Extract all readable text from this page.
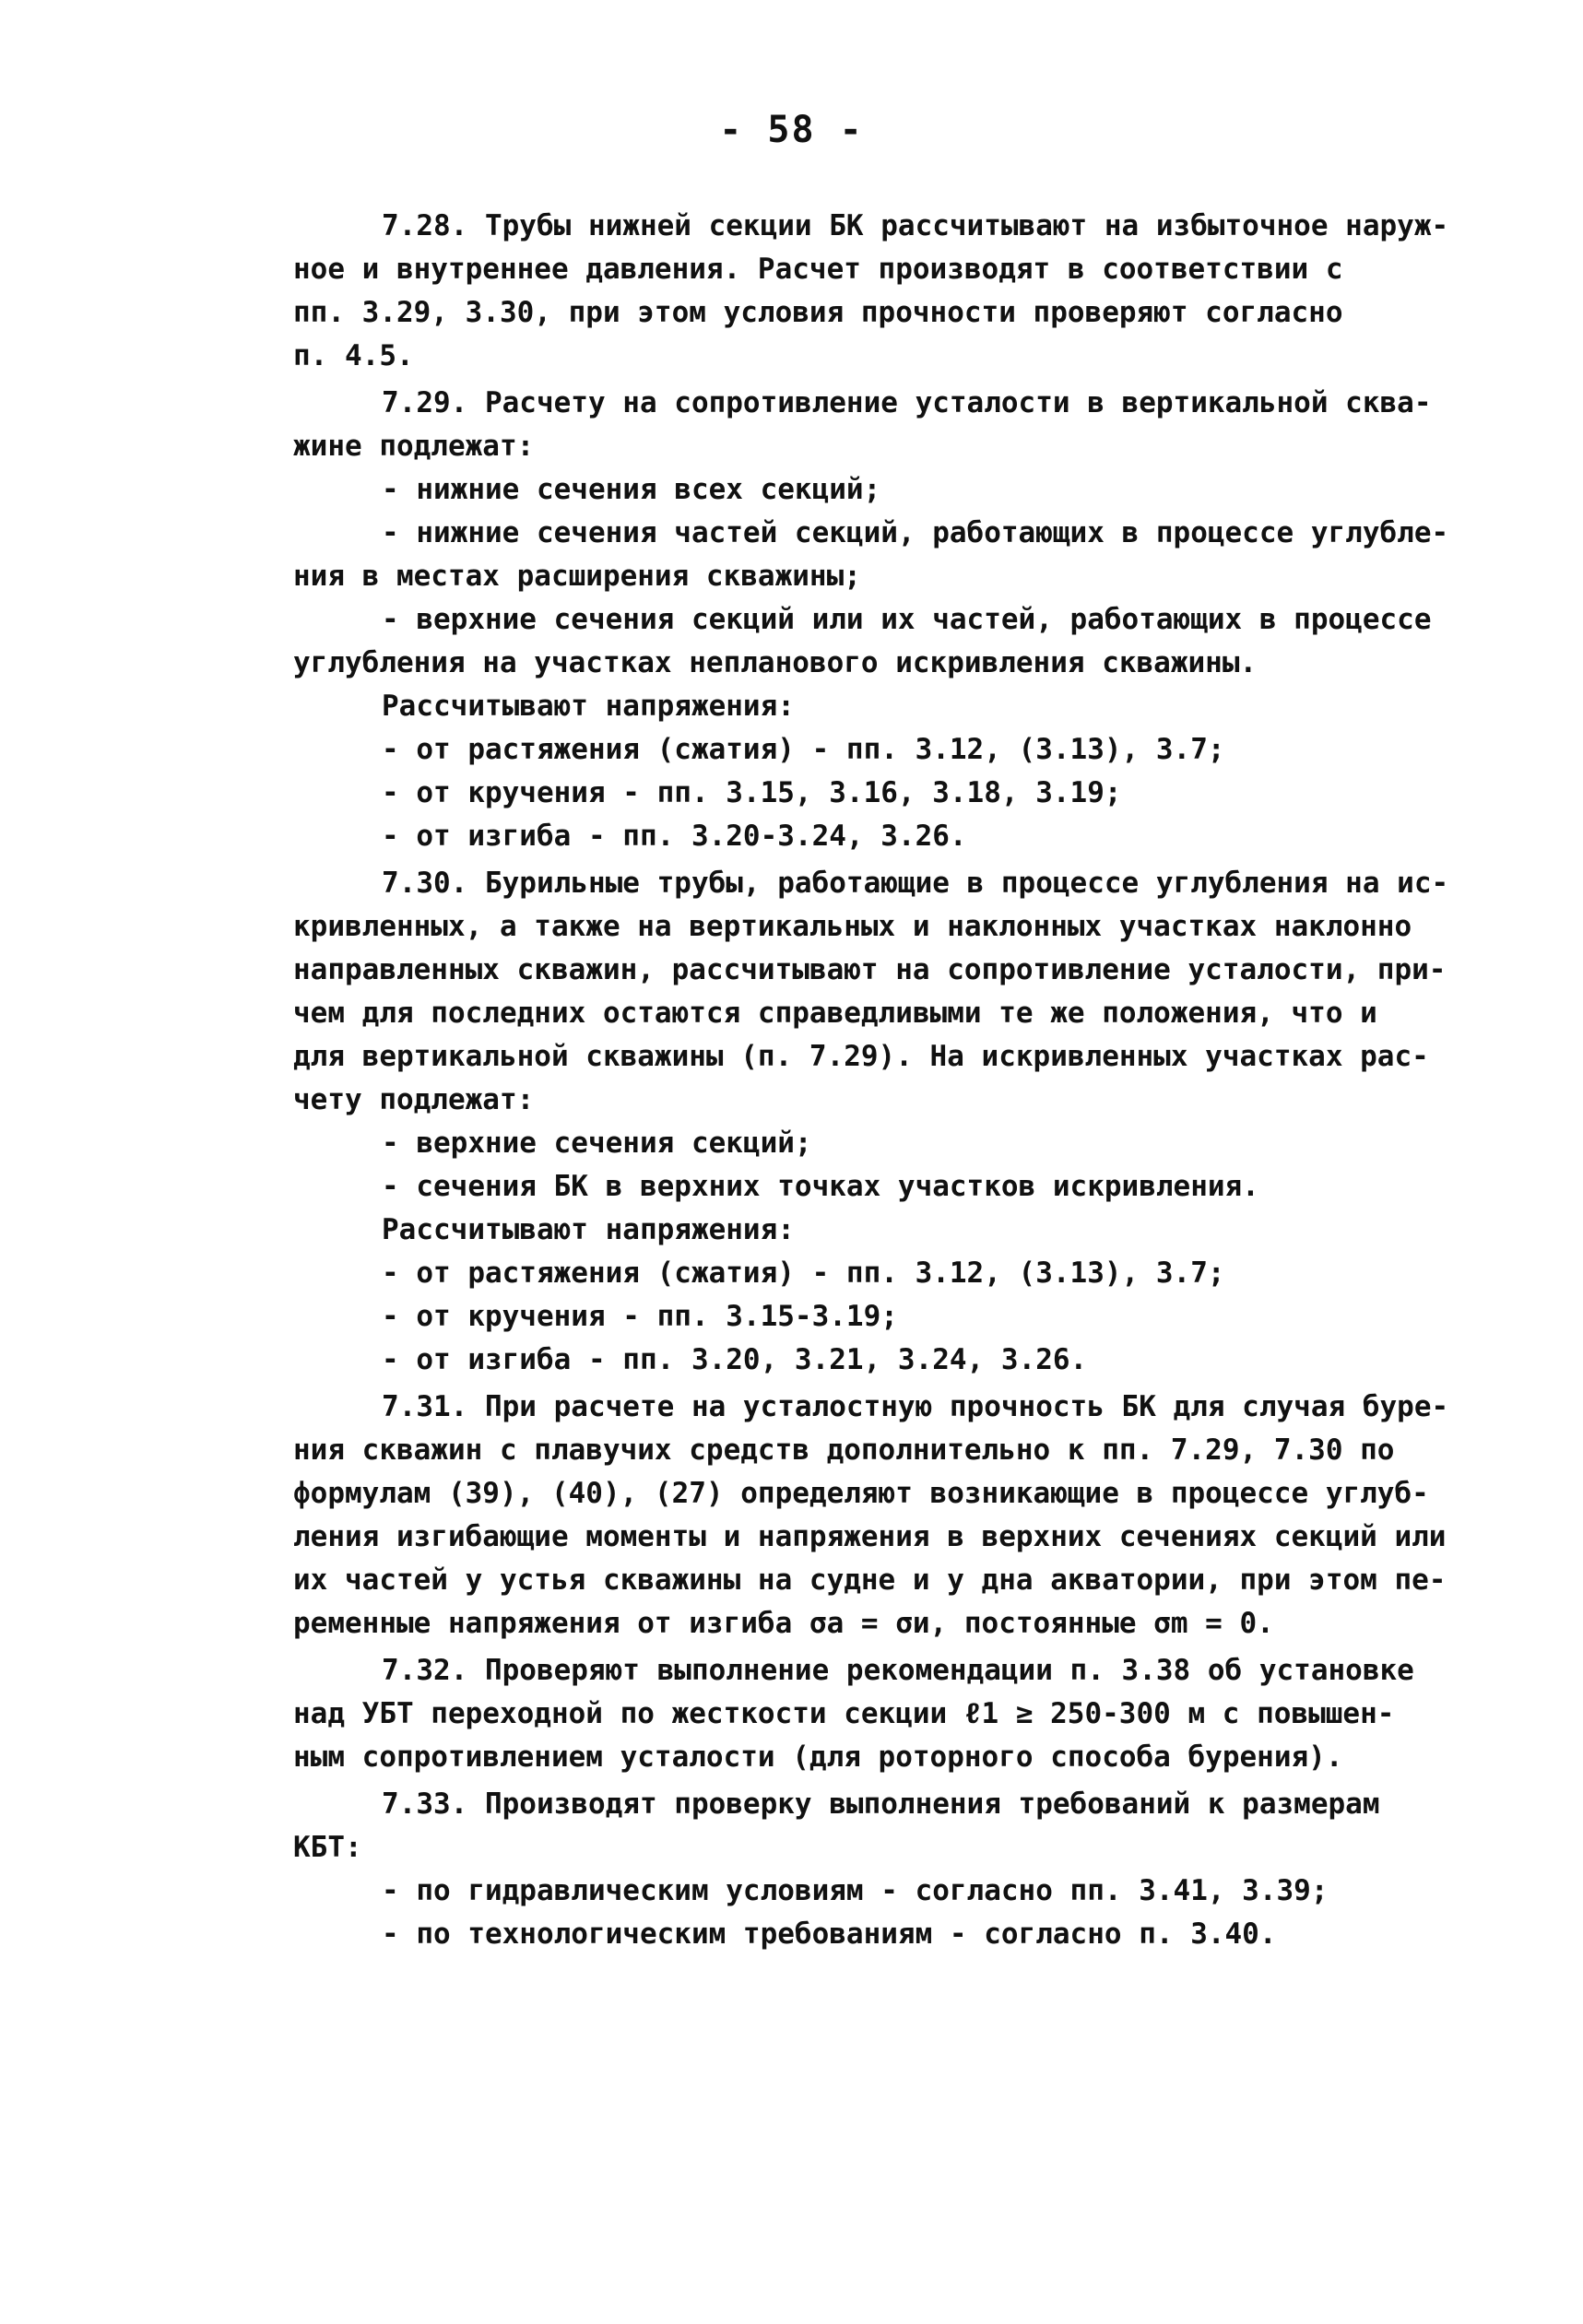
- 58 -
7.28. Трубы нижней секции БК рассчитывают на избыточное наруж-
ное и внутреннее давления. Расчет производят в соответствии с
пп. 3.29, 3.30, при этом условия прочности проверяют согласно
п. 4.5.
7.29. Расчету на сопротивление усталости в вертикальной сква-
жине подлежат:
- нижние сечения всех секций;
- нижние сечения частей секций, работающих в процессе углубле-
ния в местах расширения скважины;
- верхние сечения секций или их частей, работающих в процессе
углубления на участках непланового искривления скважины.
Рассчитывают напряжения:
- от растяжения (сжатия) - пп. 3.12, (3.13), 3.7;
- от кручения - пп. 3.15, 3.16, 3.18, 3.19;
- от изгиба - пп. 3.20-3.24, 3.26.
7.30. Бурильные трубы, работающие в процессе углубления на ис-
кривленных, а также на вертикальных и наклонных участках наклонно
направленных скважин, рассчитывают на сопротивление усталости, при-
чем для последних остаются справедливыми те же положения, что и
для вертикальной скважины (п. 7.29). На искривленных участках рас-
чету подлежат:
- верхние сечения секций;
- сечения БК в верхних точках участков искривления.
Рассчитывают напряжения:
- от растяжения (сжатия) - пп. 3.12, (3.13), 3.7;
- от кручения - пп. 3.15-3.19;
- от изгиба - пп. 3.20, 3.21, 3.24, 3.26.
7.31. При расчете на усталостную прочность БК для случая буре-
ния скважин с плавучих средств дополнительно к пп. 7.29, 7.30 по
формулам (39), (40), (27) определяют возникающие в процессе углуб-
ления изгибающие моменты и напряжения в верхних сечениях секций или
их частей у устья скважины на судне и у дна акватории, при этом пе-
ременные напряжения от изгиба σa = σи, постоянные σm = 0.
7.32. Проверяют выполнение рекомендации п. 3.38 об установке
над УБТ переходной по жесткости секции ℓ1 ≥ 250-300 м с повышен-
ным сопротивлением усталости (для роторного способа бурения).
7.33. Производят проверку выполнения требований к размерам
КБТ:
- по гидравлическим условиям - согласно пп. 3.41, 3.39;
- по технологическим требованиям - согласно п. 3.40.
